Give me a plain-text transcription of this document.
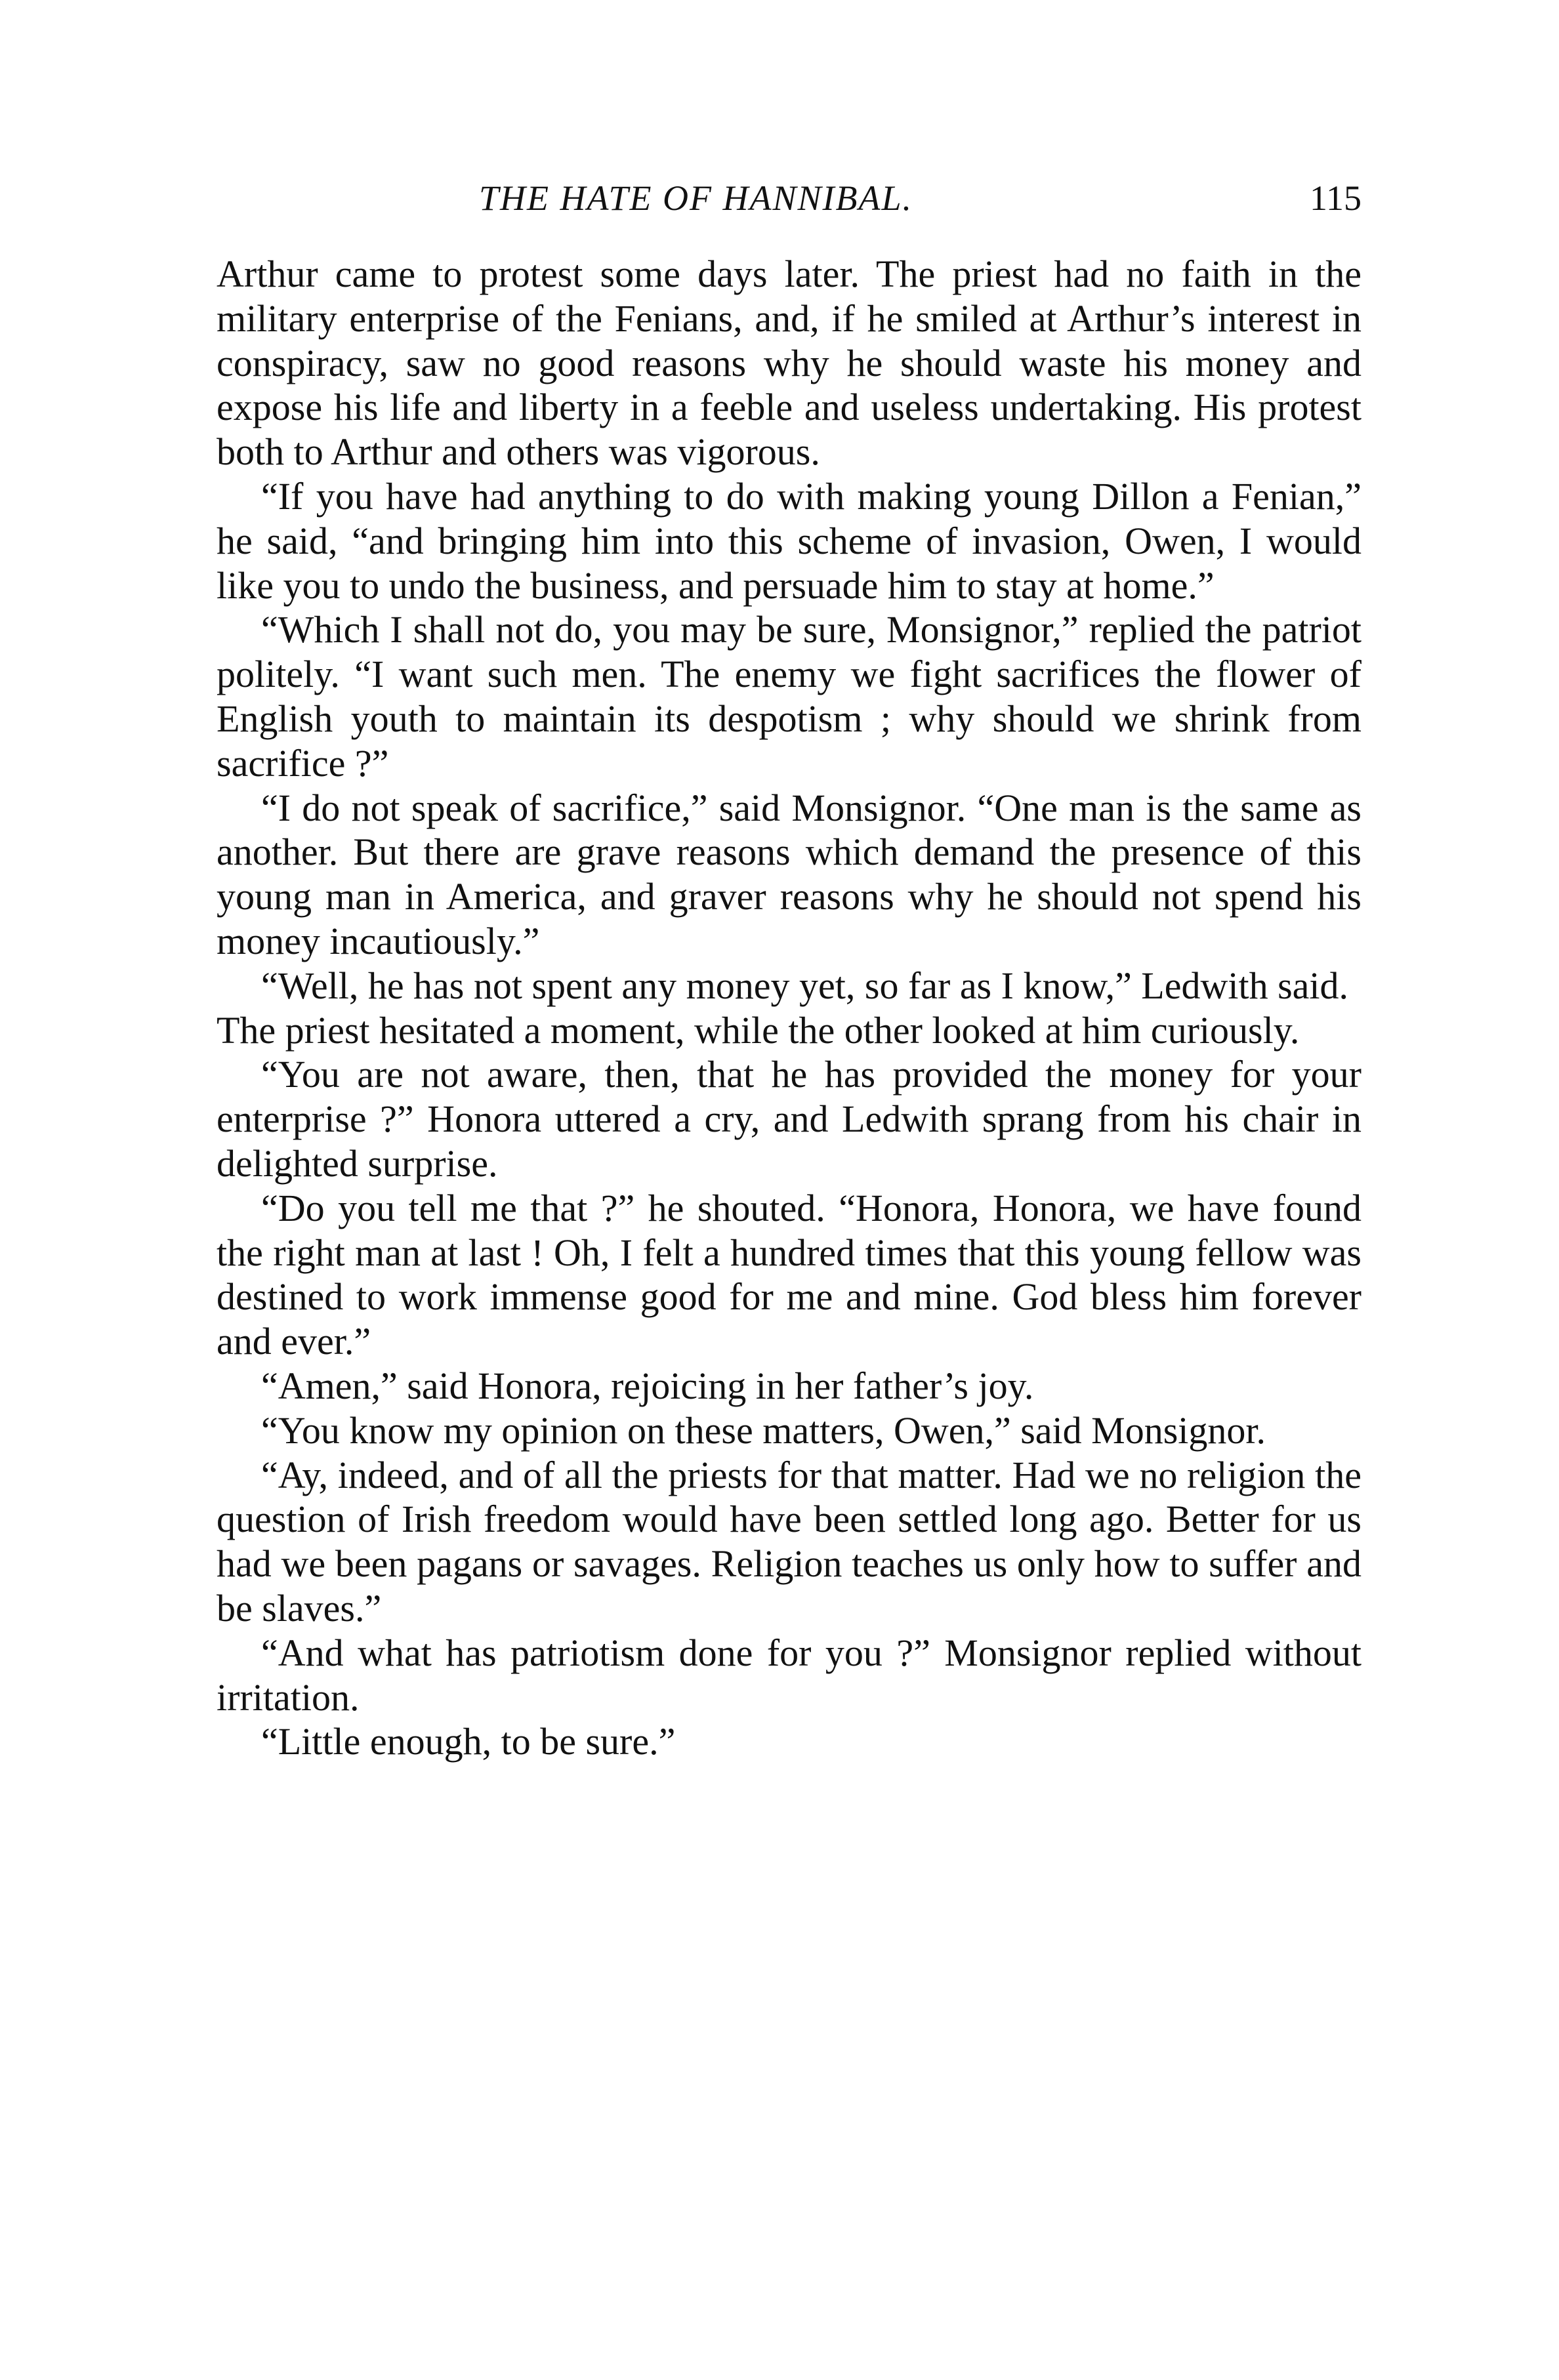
THE HATE OF HANNIBAL.	115

Arthur came to protest some days later. The priest had no faith in the military enterprise of the Fenians, and, if he smiled at Arthur’s interest in conspiracy, saw no good reasons why he should waste his money and expose his life and liberty in a feeble and useless undertaking. His protest both to Arthur and others was vigorous.

“If you have had anything to do with making young Dillon a Fenian,” he said, “and bringing him into this scheme of invasion, Owen, I would like you to undo the business, and persuade him to stay at home.”

“Which I shall not do, you may be sure, Monsignor,” replied the patriot politely. “I want such men. The enemy we fight sacrifices the flower of English youth to maintain its despotism ; why should we shrink from sacrifice ?”

“I do not speak of sacrifice,” said Monsignor. “One man is the same as another. But there are grave reasons which demand the presence of this young man in America, and graver reasons why he should not spend his money incautiously.”

“Well, he has not spent any money yet, so far as I know,” Ledwith said.

The priest hesitated a moment, while the other looked at him curiously.

“You are not aware, then, that he has provided the money for your enterprise ?” Honora uttered a cry, and Ledwith sprang from his chair in delighted surprise.

“Do you tell me that ?” he shouted. “Honora, Honora, we have found the right man at last ! Oh, I felt a hundred times that this young fellow was destined to work immense good for me and mine. God bless him forever and ever.”

“Amen,” said Honora, rejoicing in her father’s joy.

“You know my opinion on these matters, Owen,” said Monsignor.

“Ay, indeed, and of all the priests for that matter. Had we no religion the question of Irish freedom would have been settled long ago. Better for us had we been pagans or savages. Religion teaches us only how to suffer and be slaves.”

“And what has patriotism done for you ?” Monsignor replied without irritation.

“Little enough, to be sure.”
